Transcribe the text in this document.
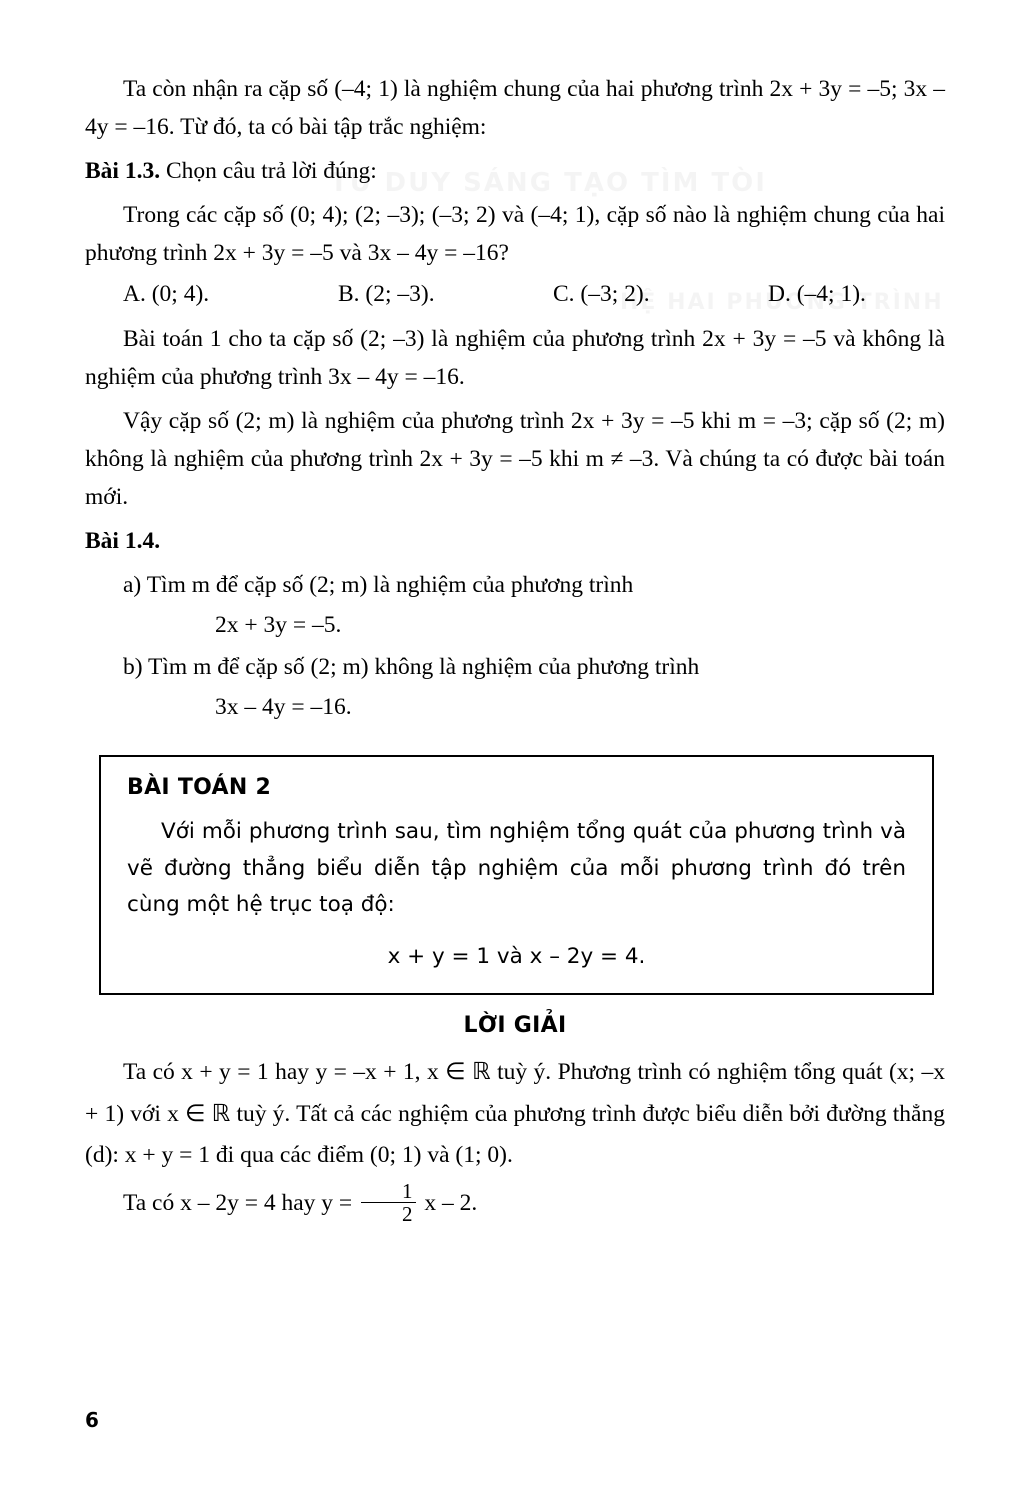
Ta còn nhận ra cặp số (–4; 1) là nghiệm chung của hai phương trình 2x + 3y = –5; 3x – 4y = –16. Từ đó, ta có bài tập trắc nghiệm:

Bài 1.3. Chọn câu trả lời đúng:

Trong các cặp số (0; 4); (2; –3); (–3; 2) và (–4; 1), cặp số nào là nghiệm chung của hai phương trình 2x + 3y = –5 và 3x – 4y = –16?

A. (0; 4).	B. (2; –3).	C. (–3; 2).	D. (–4; 1).

Bài toán 1 cho ta cặp số (2; –3) là nghiệm của phương trình 2x + 3y = –5 và không là nghiệm của phương trình 3x – 4y = –16.

Vậy cặp số (2; m) là nghiệm của phương trình 2x + 3y = –5 khi m = –3; cặp số (2; m) không là nghiệm của phương trình 2x + 3y = –5 khi m ≠ –3. Và chúng ta có được bài toán mới.

Bài 1.4.

a) Tìm m để cặp số (2; m) là nghiệm của phương trình

2x + 3y = –5.

b) Tìm m để cặp số (2; m) không là nghiệm của phương trình

3x – 4y = –16.

BÀI TOÁN 2

Với mỗi phương trình sau, tìm nghiệm tổng quát của phương trình và vẽ đường thẳng biểu diễn tập nghiệm của mỗi phương trình đó trên cùng một hệ trục toạ độ:

x + y = 1 và x – 2y = 4.
LỜI GIẢI

Ta có x + y = 1 hay y = –x + 1, x ∈ ℝ tuỳ ý. Phương trình có nghiệm tổng quát (x; –x + 1) với x ∈ ℝ tuỳ ý. Tất cả các nghiệm của phương trình được biểu diễn bởi đường thẳng (d): x + y = 1 đi qua các điểm (0; 1) và (1; 0).

Ta có x – 2y = 4 hay $y = \frac{1}{2}$ x – 2.

6
